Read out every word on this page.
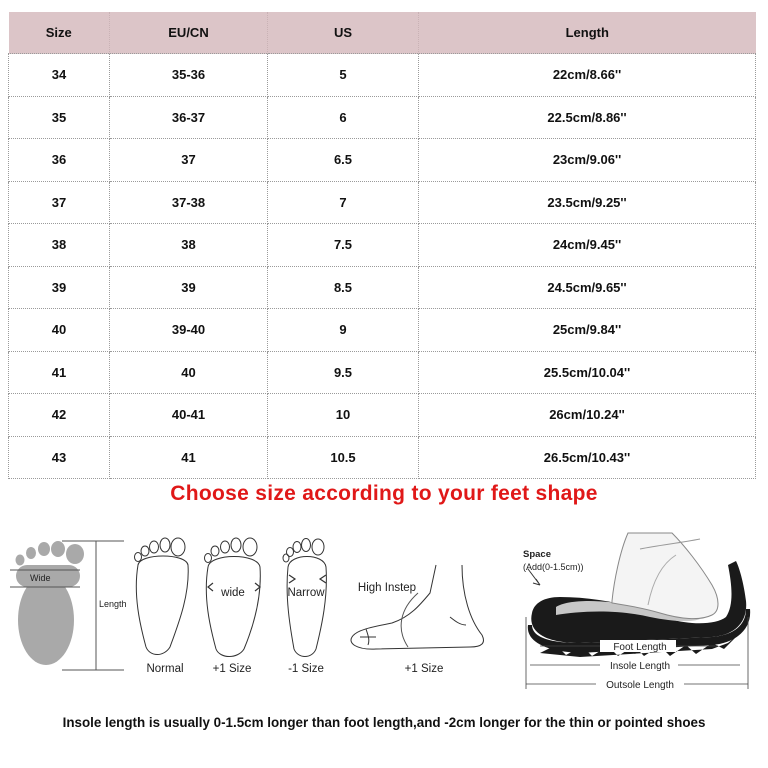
Size	EU/CN	US	Length
34	35-36	5	22cm/8.66''
35	36-37	6	22.5cm/8.86''
36	37	6.5	23cm/9.06''
37	37-38	7	23.5cm/9.25''
38	38	7.5	24cm/9.45''
39	39	8.5	24.5cm/9.65''
40	39-40	9	25cm/9.84''
41	40	9.5	25.5cm/10.04''
42	40-41	10	26cm/10.24''
43	41	10.5	26.5cm/10.43''
Choose size according to your feet shape
Wide
Length
Normal
wide
+1 Size
Narrow
-1 Size
High Instep
+1 Size
Space
(Add(0-1.5cm))
Foot Length
Insole Length
Outsole Length
Insole length is usually 0-1.5cm longer than foot length,and -2cm longer for the thin or pointed shoes
